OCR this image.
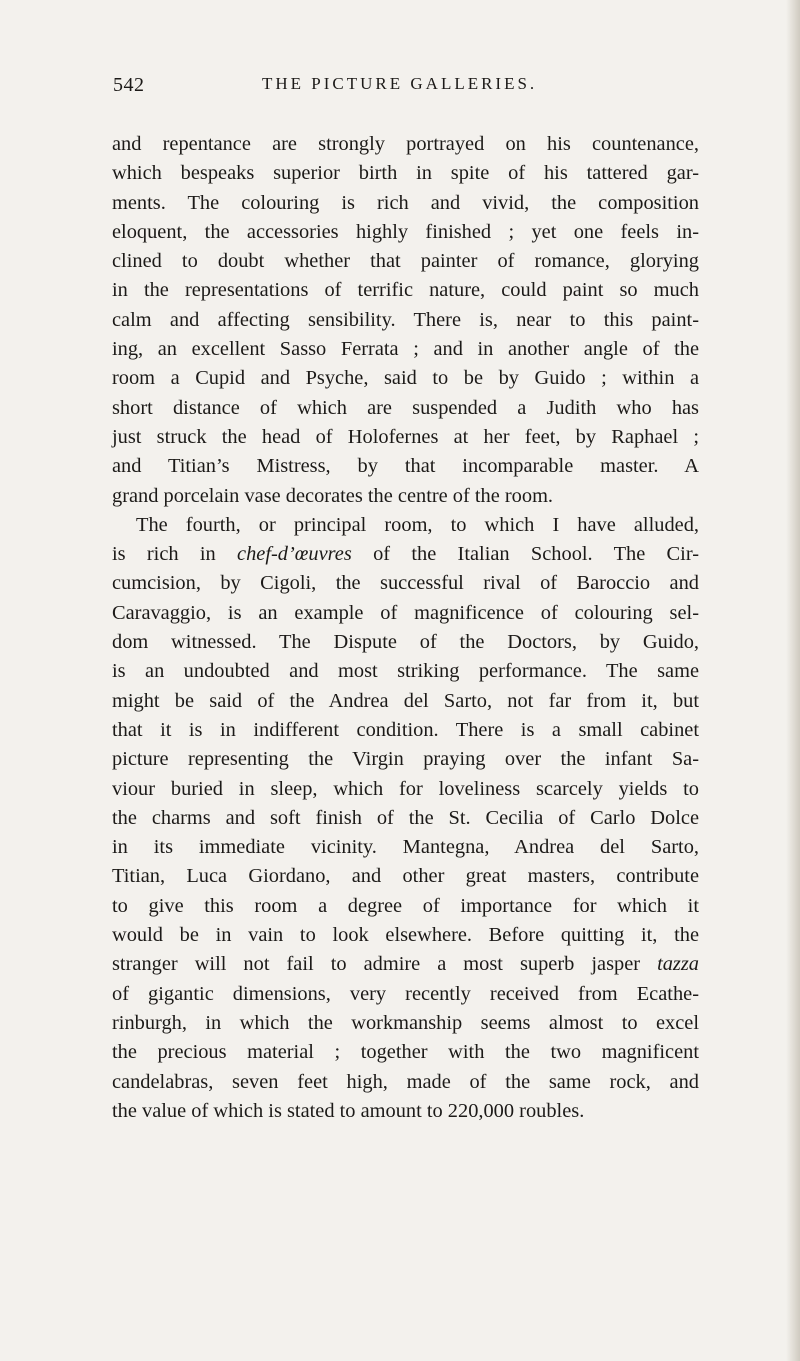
542	THE PICTURE GALLERIES.
and repentance are strongly portrayed on his countenance,
which bespeaks superior birth in spite of his tattered gar-
ments. The colouring is rich and vivid, the composition
eloquent, the accessories highly finished ; yet one feels in-
clined to doubt whether that painter of romance, glorying
in the representations of terrific nature, could paint so much
calm and affecting sensibility. There is, near to this paint-
ing, an excellent Sasso Ferrata ; and in another angle of the
room a Cupid and Psyche, said to be by Guido ; within a
short distance of which are suspended a Judith who has
just struck the head of Holofernes at her feet, by Raphael ;
and Titian’s Mistress, by that incomparable master. A
grand porcelain vase decorates the centre of the room.
The fourth, or principal room, to which I have alluded,
is rich in chef-d’œuvres of the Italian School. The Cir-
cumcision, by Cigoli, the successful rival of Baroccio and
Caravaggio, is an example of magnificence of colouring sel-
dom witnessed. The Dispute of the Doctors, by Guido,
is an undoubted and most striking performance. The same
might be said of the Andrea del Sarto, not far from it, but
that it is in indifferent condition. There is a small cabinet
picture representing the Virgin praying over the infant Sa-
viour buried in sleep, which for loveliness scarcely yields to
the charms and soft finish of the St. Cecilia of Carlo Dolce
in its immediate vicinity. Mantegna, Andrea del Sarto,
Titian, Luca Giordano, and other great masters, contribute
to give this room a degree of importance for which it
would be in vain to look elsewhere. Before quitting it, the
stranger will not fail to admire a most superb jasper tazza
of gigantic dimensions, very recently received from Ecathe-
rinburgh, in which the workmanship seems almost to excel
the precious material ; together with the two magnificent
candelabras, seven feet high, made of the same rock, and
the value of which is stated to amount to 220,000 roubles.
